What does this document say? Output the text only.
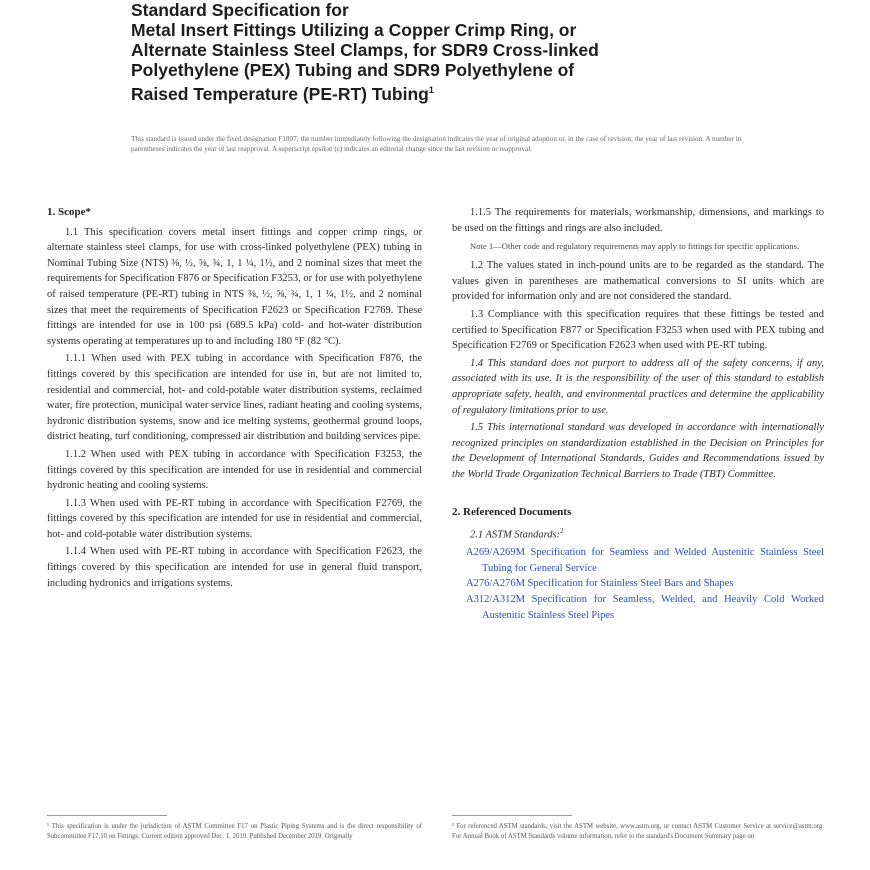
Standard Specification for
Metal Insert Fittings Utilizing a Copper Crimp Ring, or
Alternate Stainless Steel Clamps, for SDR9 Cross-linked
Polyethylene (PEX) Tubing and SDR9 Polyethylene of
Raised Temperature (PE-RT) Tubing$^1$
This standard is issued under the fixed designation F1807; the number immediately following the designation indicates the year of original adoption or, in the case of revision, the year of last revision. A number in parentheses indicates the year of last reapproval. A superscript epsilon (ε) indicates an editorial change since the last revision or reapproval.
1. Scope*

1.1 This specification covers metal insert fittings and copper crimp rings, or alternate stainless steel clamps, for use with cross-linked polyethylene (PEX) tubing in Nominal Tubing Size (NTS) ⅜, ½, ⅝, ¾, 1, 1 ¼, 1½, and 2 nominal sizes that meet the requirements for Specification F876 or Specification F3253, or for use with polyethylene of raised temperature (PE-RT) tubing in NTS ⅜, ½, ⅝, ¾, 1, 1 ¼, 1½, and 2 nominal sizes that meet the requirements of Specification F2623 or Specification F2769. These fittings are intended for use in 100 psi (689.5 kPa) cold- and hot-water distribution systems operating at temperatures up to and including 180 °F (82 °C).

1.1.1 When used with PEX tubing in accordance with Specification F876, the fittings covered by this specification are intended for use in, but are not limited to, residential and commercial, hot- and cold-potable water distribution systems, reclaimed water, fire protection, municipal water service lines, radiant heating and cooling systems, hydronic distribution systems, snow and ice melting systems, geothermal ground loops, district heating, turf conditioning, compressed air distribution and building services pipe.

1.1.2 When used with PEX tubing in accordance with Specification F3253, the fittings covered by this specification are intended for use in residential and commercial hydronic heating and cooling systems.

1.1.3 When used with PE-RT tubing in accordance with Specification F2769, the fittings covered by this specification are intended for use in residential and commercial, hot- and cold-potable water distribution systems.

1.1.4 When used with PE-RT tubing in accordance with Specification F2623, the fittings covered by this specification are intended for use in general fluid transport, including hydronics and irrigations systems.

1.1.5 The requirements for materials, workmanship, dimensions, and markings to be used on the fittings and rings are also included.

Note 1—Other code and regulatory requirements may apply to fittings for specific applications.

1.2 The values stated in inch-pound units are to be regarded as the standard. The values given in parentheses are mathematical conversions to SI units which are provided for information only and are not considered the standard.

1.3 Compliance with this specification requires that these fittings be tested and certified to Specification F877 or Specification F3253 when used with PEX tubing and Specification F2769 or Specification F2623 when used with PE-RT tubing.

1.4 This standard does not purport to address all of the safety concerns, if any, associated with its use. It is the responsibility of the user of this standard to establish appropriate safety, health, and environmental practices and determine the applicability of regulatory limitations prior to use.

1.5 This international standard was developed in accordance with internationally recognized principles on standardization established in the Decision on Principles for the Development of International Standards, Guides and Recommendations issued by the World Trade Organization Technical Barriers to Trade (TBT) Committee.

2. Referenced Documents

2.1 ASTM Standards:$^2$

A269/A269M Specification for Seamless and Welded Austenitic Stainless Steel Tubing for General Service
A276/A276M Specification for Stainless Steel Bars and Shapes
A312/A312M Specification for Seamless, Welded, and Heavily Cold Worked Austenitic Stainless Steel Pipes
¹ This specification is under the jurisdiction of ASTM Committee F17 on Plastic Piping Systems and is the direct responsibility of Subcommittee F17.10 on Fittings. Current edition approved Dec. 1, 2019. Published December 2019. Originally
² For referenced ASTM standards, visit the ASTM website, www.astm.org, or contact ASTM Customer Service at service@astm.org. For Annual Book of ASTM Standards volume information, refer to the standard's Document Summary page on
